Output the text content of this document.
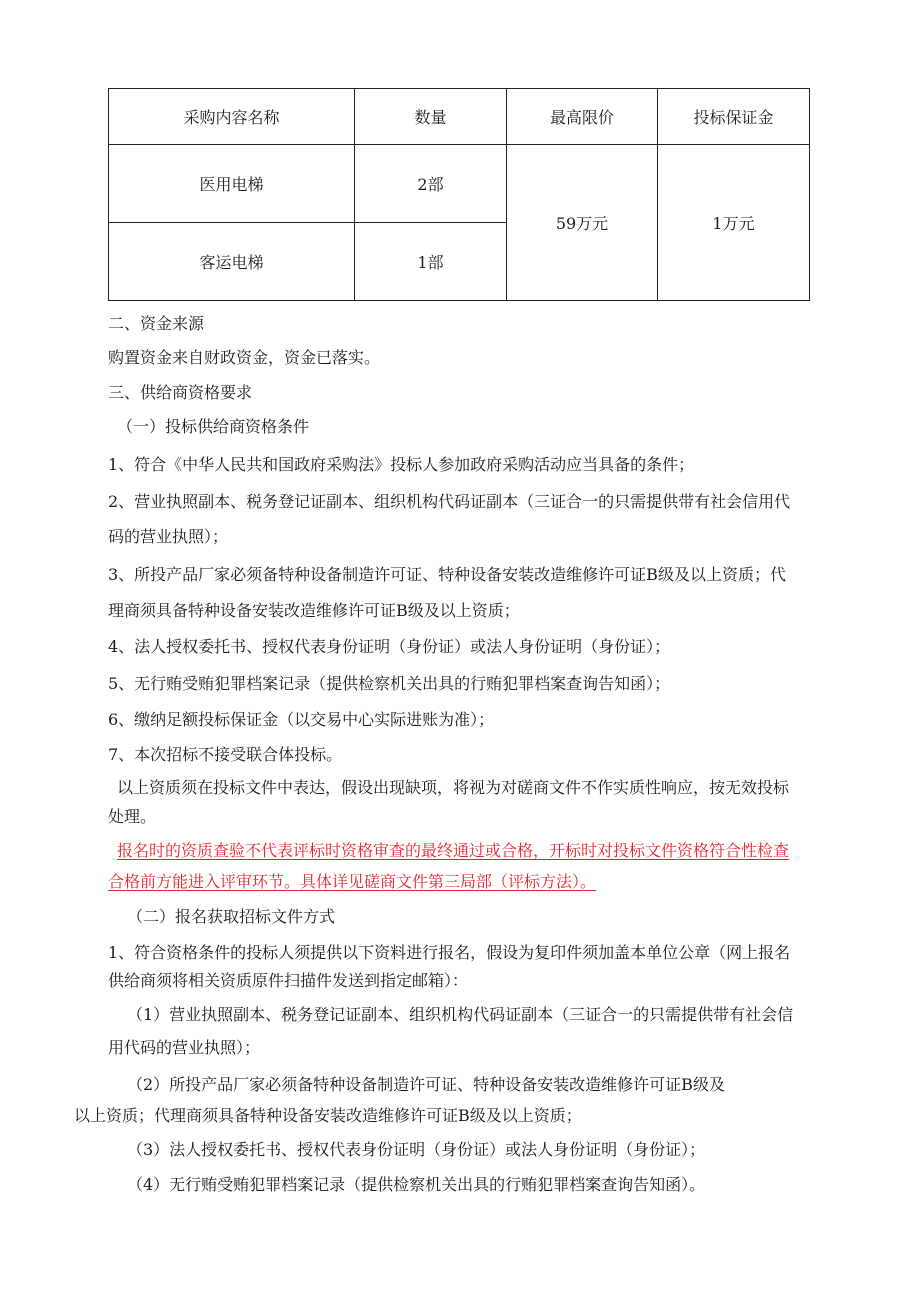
采购内容名称	数量	最高限价	投标保证金
医用电梯	2部	59万元	1万元
客运电梯	1部		
二、资金来源
购置资金来自财政资金，资金已落实。
三、供给商资格要求
（一）投标供给商资格条件
1、符合《中华人民共和国政府采购法》投标人参加政府采购活动应当具备的条件；
2、营业执照副本、税务登记证副本、组织机构代码证副本（三证合一的只需提供带有社会信用代
码的营业执照）；
3、所投产品厂家必须备特种设备制造许可证、特种设备安装改造维修许可证B级及以上资质；代
理商须具备特种设备安装改造维修许可证B级及以上资质；
4、法人授权委托书、授权代表身份证明（身份证）或法人身份证明（身份证）；
5、无行贿受贿犯罪档案记录（提供检察机关出具的行贿犯罪档案查询告知函）；
6、缴纳足额投标保证金（以交易中心实际进账为准）；
7、本次招标不接受联合体投标。
以上资质须在投标文件中表达，假设出现缺项，将视为对磋商文件不作实质性响应，按无效投标
处理。
报名时的资质查验不代表评标时资格审查的最终通过或合格，开标时对投标文件资格符合性检查
合格前方能进入评审环节。具体详见磋商文件第三局部（评标方法）。
（二）报名获取招标文件方式
1、符合资格条件的投标人须提供以下资料进行报名，假设为复印件须加盖本单位公章（网上报名
供给商须将相关资质原件扫描件发送到指定邮箱）：
（1）营业执照副本、税务登记证副本、组织机构代码证副本（三证合一的只需提供带有社会信
用代码的营业执照）；
（2）所投产品厂家必须备特种设备制造许可证、特种设备安装改造维修许可证B级及
以上资质；代理商须具备特种设备安装改造维修许可证B级及以上资质；
（3）法人授权委托书、授权代表身份证明（身份证）或法人身份证明（身份证）；
（4）无行贿受贿犯罪档案记录（提供检察机关出具的行贿犯罪档案查询告知函）。
